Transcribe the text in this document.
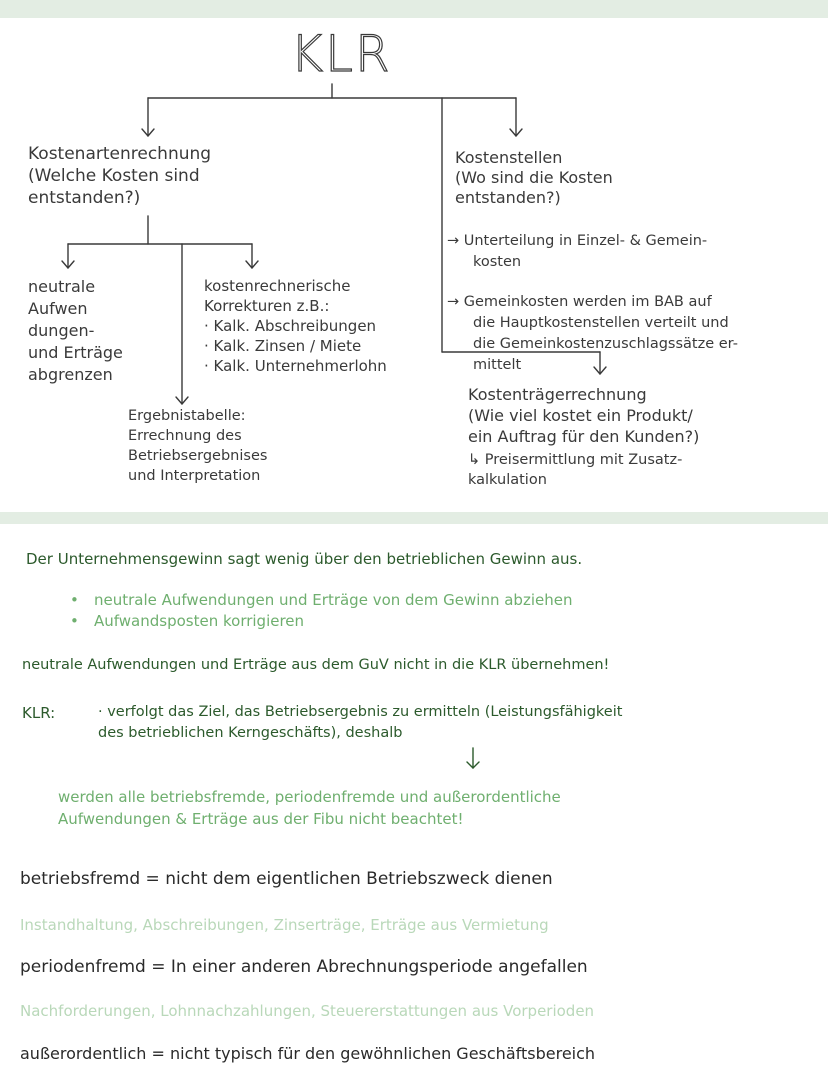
KLR

Kostenartenrechnung
(Welche Kosten sind
entstanden?)

Kostenstellen
(Wo sind die Kosten
entstanden?)

→ Unterteilung in Einzel- & Gemein-
kosten

→ Gemeinkosten werden im BAB auf
die Hauptkostenstellen verteilt und
die Gemeinkostenzuschlagssätze er-
mittelt

neutrale
Aufwen
dungen-
und Erträge
abgrenzen

kostenrechnerische
Korrekturen z.B.:
· Kalk. Abschreibungen
· Kalk. Zinsen / Miete
· Kalk. Unternehmerlohn

Ergebnistabelle:
Errechnung des
Betriebsergebnises
und Interpretation

Kostenträgerrechnung
(Wie viel kostet ein Produkt/
ein Auftrag für den Kunden?)

↳ Preisermittlung mit Zusatz-
kalkulation

Der Unternehmensgewinn sagt wenig über den betrieblichen Gewinn aus.

• neutrale Aufwendungen und Erträge von dem Gewinn abziehen
• Aufwandsposten korrigieren

neutrale Aufwendungen und Erträge aus dem GuV nicht in die KLR übernehmen!

KLR:	· verfolgt das Ziel, das Betriebsergebnis zu ermitteln (Leistungsfähigkeit
des betrieblichen Kerngeschäfts), deshalb

werden alle betriebsfremde, periodenfremde und außerordentliche
Aufwendungen & Erträge aus der Fibu nicht beachtet!

betriebsfremd = nicht dem eigentlichen Betriebszweck dienen

Instandhaltung, Abschreibungen, Zinserträge, Erträge aus Vermietung

periodenfremd = In einer anderen Abrechnungsperiode angefallen

Nachforderungen, Lohnnachzahlungen, Steuererstattungen aus Vorperioden

außerordentlich = nicht typisch für den gewöhnlichen Geschäftsbereich
